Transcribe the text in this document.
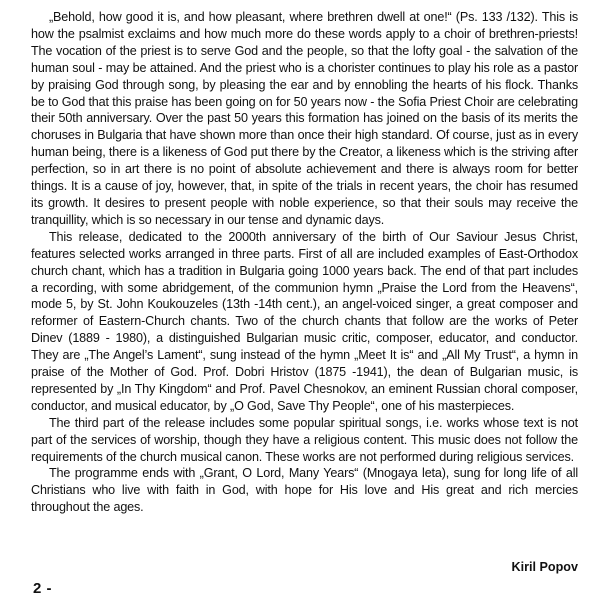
„Behold, how good it is, and how pleasant, where brethren dwell at one!“ (Ps. 133 /132). This is how the psalmist exclaims and how much more do these words apply to a choir of brethren-priests! The vocation of the priest is to serve God and the people, so that the lofty goal - the salvation of the human soul - may be attained. And the priest who is a chorister continues to play his role as a pastor by praising God through song, by pleasing the ear and by ennobling the hearts of his flock. Thanks be to God that this praise has been going on for 50 years now - the Sofia Priest Choir are celebrating their 50th anniversary. Over the past 50 years this formation has joined on the basis of its merits the choruses in Bulgaria that have shown more than once their high standard. Of course, just as in every human being, there is a likeness of God put there by the Creator, a likeness which is the striving after perfection, so in art there is no point of absolute achievement and there is always room for better things. It is a cause of joy, however, that, in spite of the trials in recent years, the choir has resumed its growth. It desires to present people with noble experience, so that their souls may receive the tranquillity, which is so necessary in our tense and dynamic days.

This release, dedicated to the 2000th anniversary of the birth of Our Saviour Jesus Christ, features selected works arranged in three parts. First of all are included examples of East-Orthodox church chant, which has a tradition in Bulgaria going 1000 years back. The end of that part includes a recording, with some abridgement, of the communion hymn „Praise the Lord from the Heavens“, mode 5, by St. John Koukouzeles (13th -14th cent.), an angel-voiced singer, a great composer and reformer of Eastern-Church chants. Two of the church chants that follow are the works of Peter Dinev (1889 - 1980), a distinguished Bulgarian music critic, composer, educator, and conductor. They are „The Angel’s Lament“, sung instead of the hymn „Meet It is“ and „All My Trust“, a hymn in praise of the Mother of God. Prof. Dobri Hristov (1875 -1941), the dean of Bulgarian music, is represented by „In Thy Kingdom“ and Prof. Pavel Chesnokov, an eminent Russian choral composer, conductor, and musical educator, by „O God, Save Thy People“, one of his masterpieces.

The third part of the release includes some popular spiritual songs, i.e. works whose text is not part of the services of worship, though they have a religious content. This music does not follow the requirements of the church musical canon. These works are not performed during religious services.

The programme ends with „Grant, O Lord, Many Years“ (Mnogaya leta), sung for long life of all Christians who live with faith in God, with hope for His love and His great and rich mercies throughout the ages.

Kiril Popov

2 -
